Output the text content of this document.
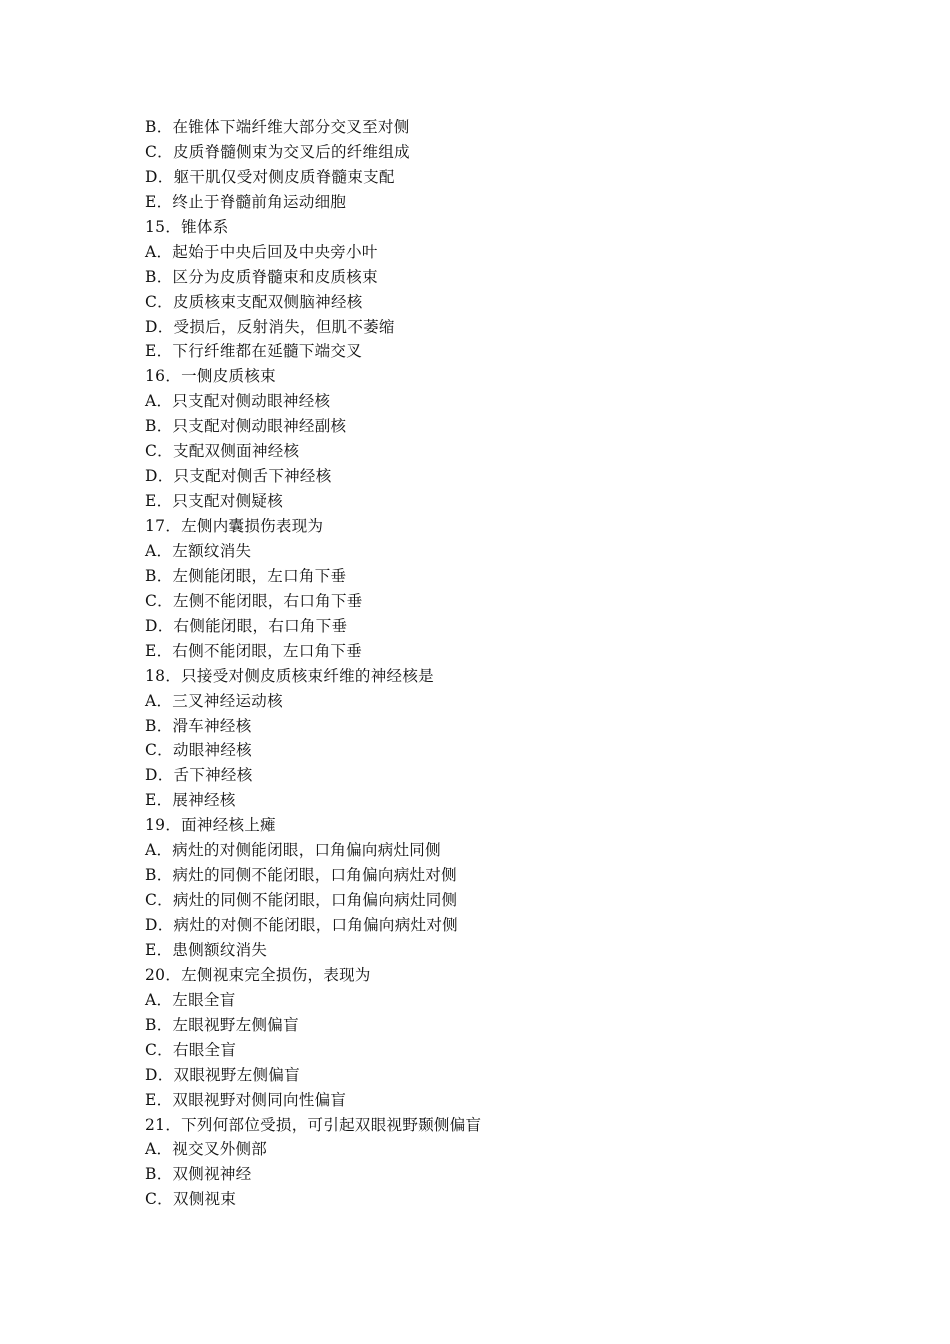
B．在锥体下端纤维大部分交叉至对侧
C．皮质脊髓侧束为交叉后的纤维组成
D．躯干肌仅受对侧皮质脊髓束支配
E．终止于脊髓前角运动细胞
15．锥体系
A．起始于中央后回及中央旁小叶
B．区分为皮质脊髓束和皮质核束
C．皮质核束支配双侧脑神经核
D．受损后，反射消失，但肌不萎缩
E．下行纤维都在延髓下端交叉
16．一侧皮质核束
A．只支配对侧动眼神经核
B．只支配对侧动眼神经副核
C．支配双侧面神经核
D．只支配对侧舌下神经核
E．只支配对侧疑核
17．左侧内囊损伤表现为
A．左额纹消失
B．左侧能闭眼，左口角下垂
C．左侧不能闭眼，右口角下垂
D．右侧能闭眼，右口角下垂
E．右侧不能闭眼，左口角下垂
18．只接受对侧皮质核束纤维的神经核是
A．三叉神经运动核
B．滑车神经核
C．动眼神经核
D．舌下神经核
E．展神经核
19．面神经核上瘫
A．病灶的对侧能闭眼，口角偏向病灶同侧
B．病灶的同侧不能闭眼，口角偏向病灶对侧
C．病灶的同侧不能闭眼，口角偏向病灶同侧
D．病灶的对侧不能闭眼，口角偏向病灶对侧
E．患侧额纹消失
20．左侧视束完全损伤，表现为
A．左眼全盲
B．左眼视野左侧偏盲
C．右眼全盲
D．双眼视野左侧偏盲
E．双眼视野对侧同向性偏盲
21．下列何部位受损，可引起双眼视野颞侧偏盲
A．视交叉外侧部
B．双侧视神经
C．双侧视束
